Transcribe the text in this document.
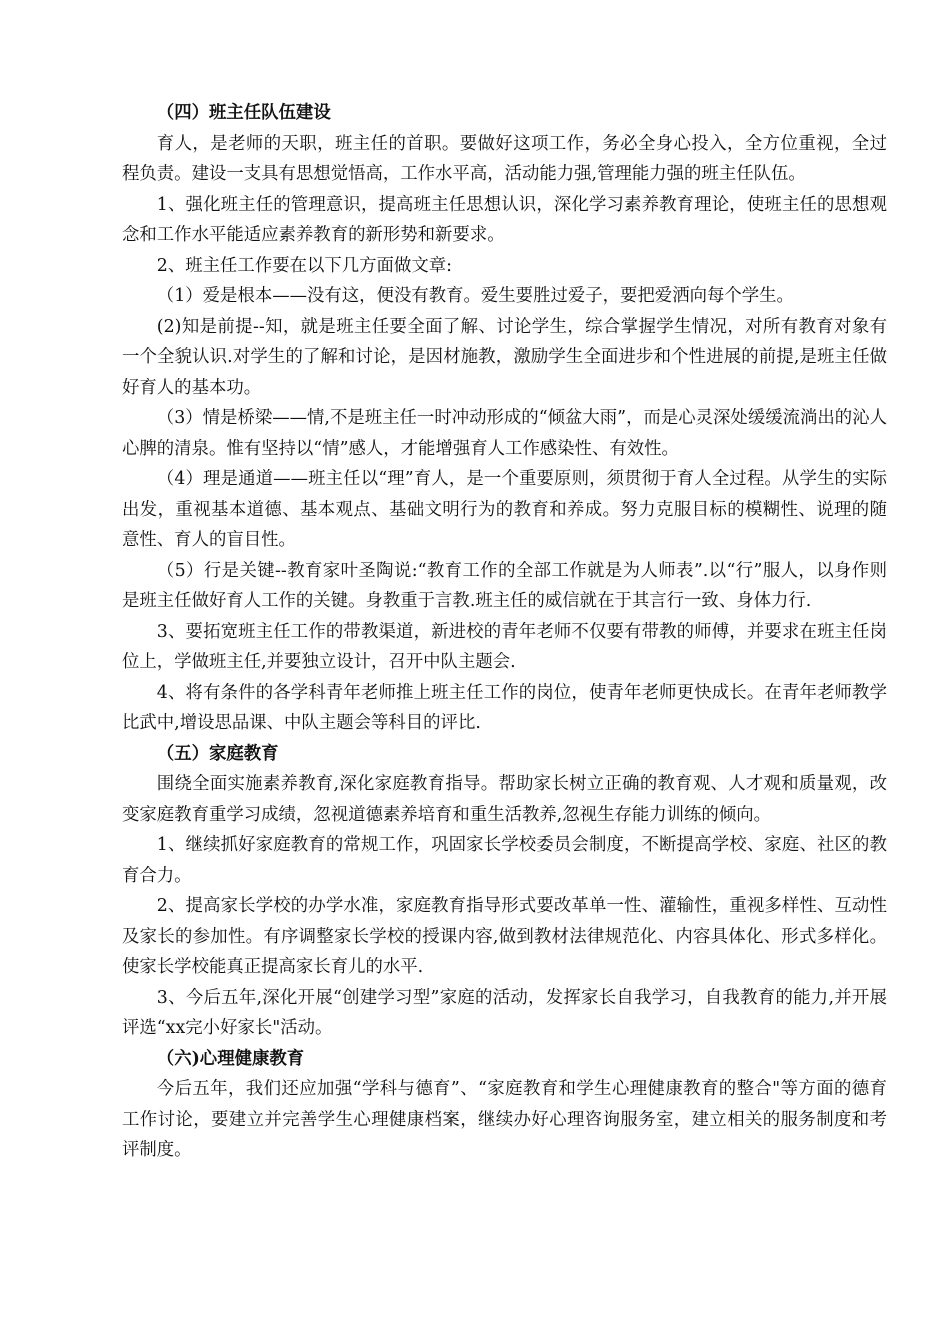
（四）班主任队伍建设

育人，是老师的天职，班主任的首职。要做好这项工作，务必全身心投入，全方位重视，全过程负责。建设一支具有思想觉悟高，工作水平高，活动能力强,管理能力强的班主任队伍。

1、强化班主任的管理意识，提高班主任思想认识，深化学习素养教育理论，使班主任的思想观念和工作水平能适应素养教育的新形势和新要求。

2、班主任工作要在以下几方面做文章:

（1）爱是根本——没有这，便没有教育。爱生要胜过爱子，要把爱洒向每个学生。

(2)知是前提--知，就是班主任要全面了解、讨论学生，综合掌握学生情况，对所有教育对象有一个全貌认识.对学生的了解和讨论，是因材施教，激励学生全面进步和个性进展的前提,是班主任做好育人的基本功。

（3）情是桥梁——情,不是班主任一时冲动形成的“倾盆大雨”，而是心灵深处缓缓流淌出的沁人心脾的清泉。惟有坚持以“情”感人，才能增强育人工作感染性、有效性。

（4）理是通道——班主任以“理”育人，是一个重要原则，须贯彻于育人全过程。从学生的实际出发，重视基本道德、基本观点、基础文明行为的教育和养成。努力克服目标的模糊性、说理的随意性、育人的盲目性。

（5）行是关键--教育家叶圣陶说:“教育工作的全部工作就是为人师表”.以“行”服人，以身作则是班主任做好育人工作的关键。身教重于言教.班主任的威信就在于其言行一致、身体力行.

3、要拓宽班主任工作的带教渠道，新进校的青年老师不仅要有带教的师傅，并要求在班主任岗位上，学做班主任,并要独立设计，召开中队主题会.

4、将有条件的各学科青年老师推上班主任工作的岗位，使青年老师更快成长。在青年老师教学比武中,增设思品课、中队主题会等科目的评比.

（五）家庭教育

围绕全面实施素养教育,深化家庭教育指导。帮助家长树立正确的教育观、人才观和质量观，改变家庭教育重学习成绩，忽视道德素养培育和重生活教养,忽视生存能力训练的倾向。

1、继续抓好家庭教育的常规工作，巩固家长学校委员会制度，不断提高学校、家庭、社区的教育合力。

2、提高家长学校的办学水准，家庭教育指导形式要改革单一性、灌输性，重视多样性、互动性及家长的参加性。有序调整家长学校的授课内容,做到教材法律规范化、内容具体化、形式多样化。使家长学校能真正提高家长育儿的水平.

3、今后五年,深化开展“创建学习型”家庭的活动，发挥家长自我学习，自我教育的能力,并开展评选“xx完小好家长"活动。

（六)心理健康教育

今后五年，我们还应加强“学科与德育”、“家庭教育和学生心理健康教育的整合"等方面的德育工作讨论，要建立并完善学生心理健康档案，继续办好心理咨询服务室，建立相关的服务制度和考评制度。
